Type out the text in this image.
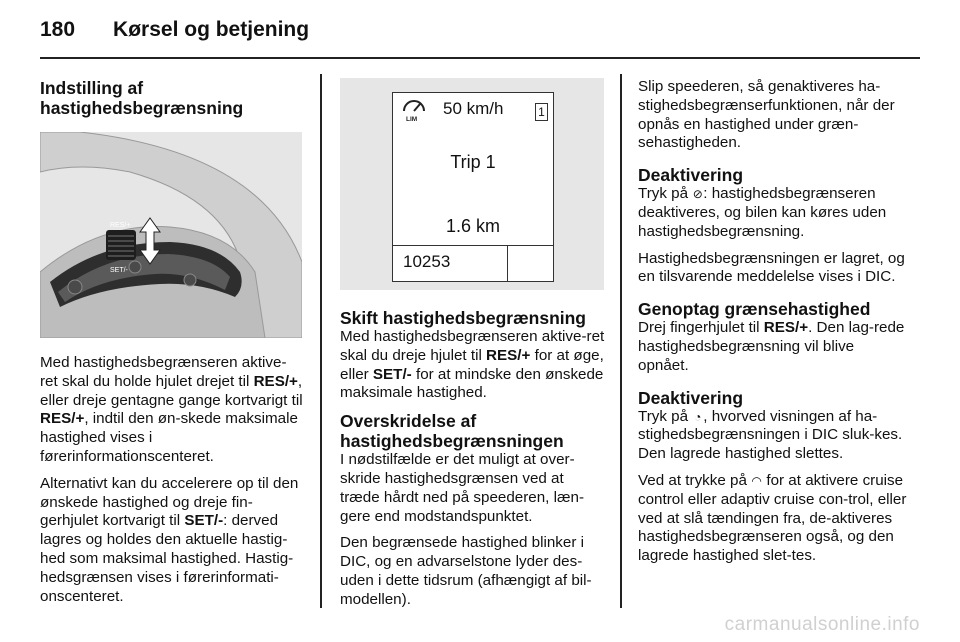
180 Kørsel og betjening
Indstilling af
hastighedsbegrænsning
RES/+
SET/-

Med hastighedsbegrænseren aktive-ret skal du holde hjulet drejet til RES/+, eller dreje gentagne gange kortvarigt til RES/+, indtil den øn-skede maksimale hastighed vises i førerinformationscenteret.

Alternativt kan du accelerere op til den ønskede hastighed og dreje fin-gerhjulet kortvarigt til SET/-: derved lagres og holdes den aktuelle hastig-hed som maksimal hastighed. Hastig-hedsgrænsen vises i førerinformati-onscenteret.

LIM
50 km/h	1
Trip 1
1.6 km
10253
Skift hastighedsbegrænsning

Med hastighedsbegrænseren aktive-ret skal du dreje hjulet til RES/+ for at øge, eller SET/- for at mindske den ønskede maksimale hastighed.

Overskridelse af
hastighedsbegrænsningen

I nødstilfælde er det muligt at over-skride hastighedsgrænsen ved at træde hårdt ned på speederen, læn-gere end modstandspunktet.

Den begrænsede hastighed blinker i DIC, og en advarselstone lyder des-uden i dette tidsrum (afhængigt af bil-modellen).

Slip speederen, så genaktiveres ha-stighedsbegrænserfunktionen, når der opnås en hastighed under græn-sehastigheden.

Deaktivering

Tryk på ⊘: hastighedsbegrænseren deaktiveres, og bilen kan køres uden hastighedsbegrænsning.

Hastighedsbegrænsningen er lagret, og en tilsvarende meddelelse vises i DIC.

Genoptag grænsehastighed

Drej fingerhjulet til RES/+. Den lag-rede hastighedsbegrænsning vil blive opnået.

Deaktivering

Tryk på ◔ , hvorved visningen af ha-stighedsbegrænsningen i DIC sluk-kes. Den lagrede hastighed slettes.

Ved at trykke på ◠ for at aktivere cruise control eller adaptiv cruise con-trol, eller ved at slå tændingen fra, de-aktiveres hastighedsbegrænseren også, og den lagrede hastighed slet-tes.

carmanualsonline.info
